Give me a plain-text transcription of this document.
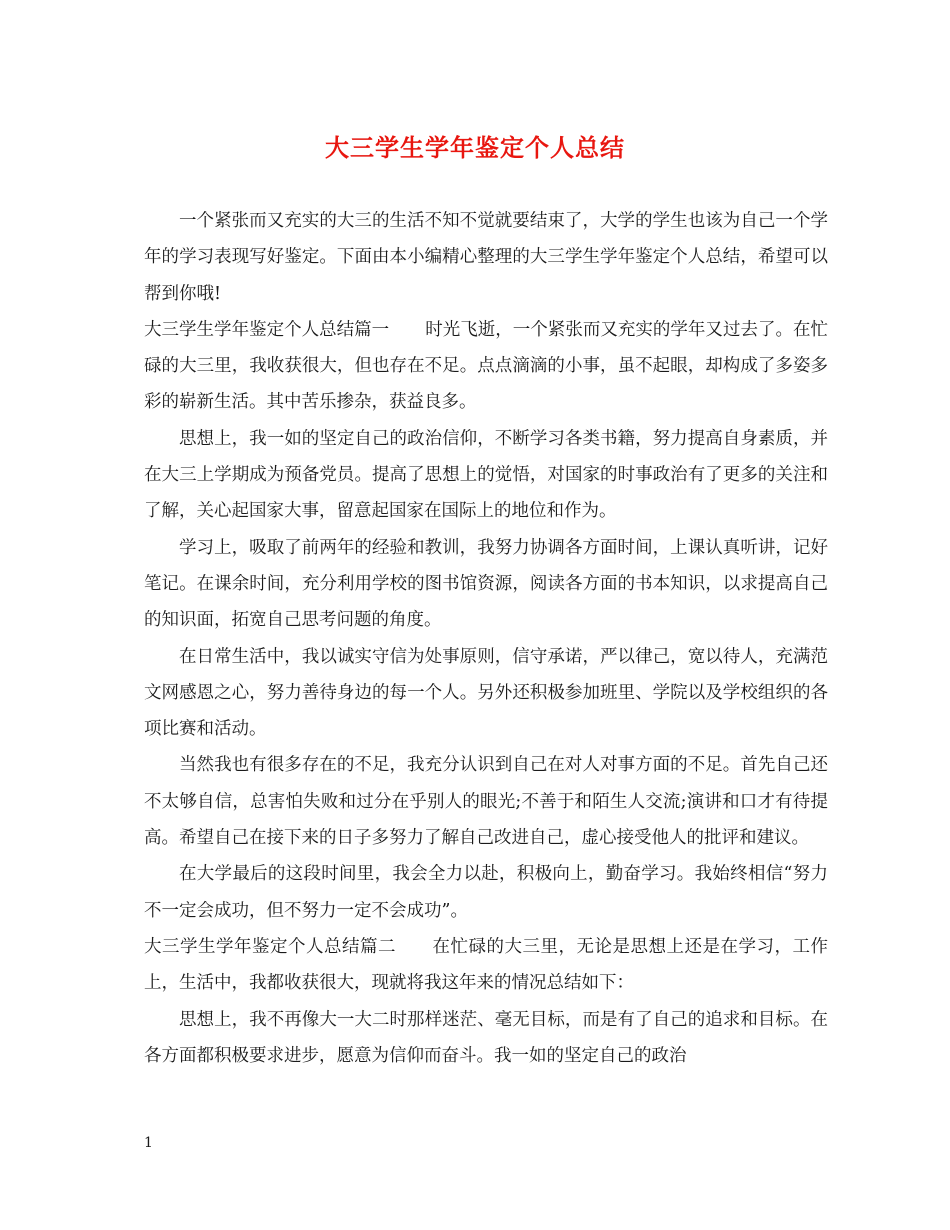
大三学生学年鉴定个人总结

一个紧张而又充实的大三的生活不知不觉就要结束了，大学的学生也该为自己一个学年的学习表现写好鉴定。下面由本小编精心整理的大三学生学年鉴定个人总结，希望可以帮到你哦!

大三学生学年鉴定个人总结篇一 时光飞逝，一个紧张而又充实的学年又过去了。在忙碌的大三里，我收获很大，但也存在不足。点点滴滴的小事，虽不起眼，却构成了多姿多彩的崭新生活。其中苦乐掺杂，获益良多。

思想上，我一如的坚定自己的政治信仰，不断学习各类书籍，努力提高自身素质，并在大三上学期成为预备党员。提高了思想上的觉悟，对国家的时事政治有了更多的关注和了解，关心起国家大事，留意起国家在国际上的地位和作为。

学习上，吸取了前两年的经验和教训，我努力协调各方面时间，上课认真听讲，记好笔记。在课余时间，充分利用学校的图书馆资源，阅读各方面的书本知识，以求提高自己的知识面，拓宽自己思考问题的角度。

在日常生活中，我以诚实守信为处事原则，信守承诺，严以律己，宽以待人，充满范文网感恩之心，努力善待身边的每一个人。另外还积极参加班里、学院以及学校组织的各项比赛和活动。

当然我也有很多存在的不足，我充分认识到自己在对人对事方面的不足。首先自己还不太够自信，总害怕失败和过分在乎别人的眼光;不善于和陌生人交流;演讲和口才有待提高。希望自己在接下来的日子多努力了解自己改进自己，虚心接受他人的批评和建议。

在大学最后的这段时间里，我会全力以赴，积极向上，勤奋学习。我始终相信“努力不一定会成功，但不努力一定不会成功”。

大三学生学年鉴定个人总结篇二 在忙碌的大三里，无论是思想上还是在学习，工作上，生活中，我都收获很大，现就将我这年来的情况总结如下：

思想上，我不再像大一大二时那样迷茫、毫无目标，而是有了自己的追求和目标。在各方面都积极要求进步，愿意为信仰而奋斗。我一如的坚定自己的政治

1
